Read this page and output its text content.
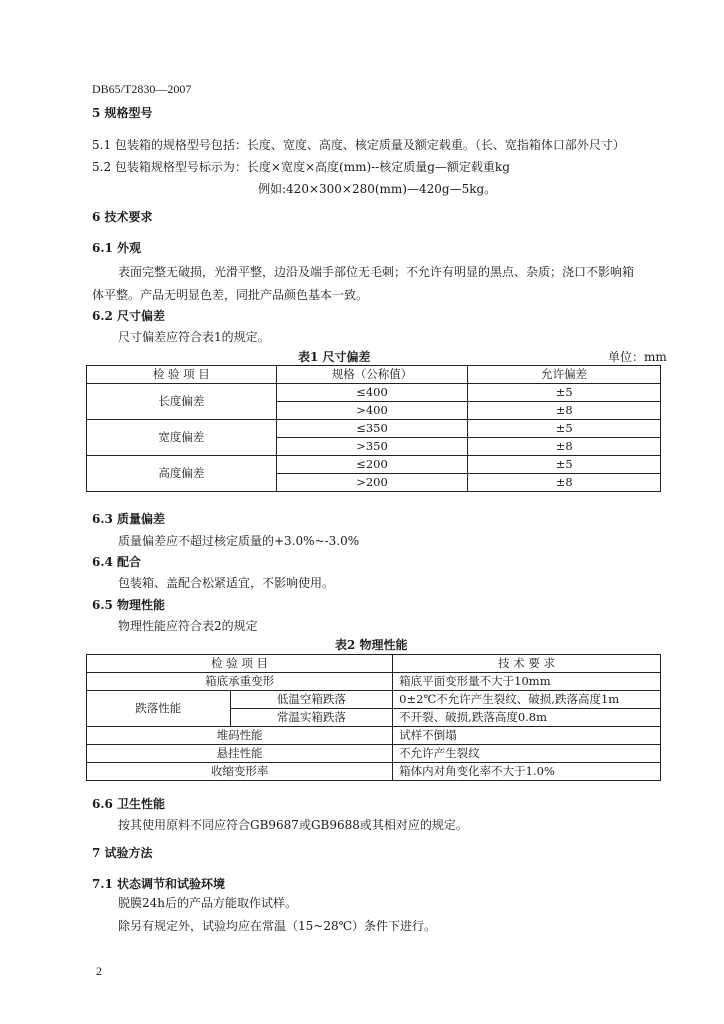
DB65/T2830—2007
5 规格型号
5.1 包装箱的规格型号包括：长度、宽度、高度、核定质量及额定载重。（长、宽指箱体口部外尺寸）
5.2 包装箱规格型号标示为：长度×宽度×高度(mm)--核定质量g—额定载重kg
例如:420×300×280(mm)—420g—5kg。
6 技术要求
6.1 外观
表面完整无破损，光滑平整，边沿及端手部位无毛刺；不允许有明显的黑点、杂质；浇口不影响箱
体平整。产品无明显色差，同批产品颜色基本一致。
6.2 尺寸偏差
尺寸偏差应符合表1的规定。
表1 尺寸偏差	单位：mm
检 验 项 目	规格（公称值）	允许偏差
长度偏差	≤400	±5
	>400	±8
宽度偏差	≤350	±5
	>350	±8
高度偏差	≤200	±5
	>200	±8
6.3 质量偏差
质量偏差应不超过核定质量的+3.0%~-3.0%
6.4 配合
包装箱、盖配合松紧适宜，不影响使用。
6.5 物理性能
物理性能应符合表2的规定
表2 物理性能
检 验 项 目		技 术 要 求
箱底承重变形		箱底平面变形量不大于10mm
跌落性能	低温空箱跌落	0±2℃不允许产生裂纹、破损,跌落高度1m
	常温实箱跌落	不开裂、破损,跌落高度0.8m
堆码性能		试样不倒塌
悬挂性能		不允许产生裂纹
收缩变形率		箱体内对角变化率不大于1.0%
6.6 卫生性能
按其使用原料不同应符合GB9687或GB9688或其相对应的规定。
7 试验方法
7.1 状态调节和试验环境
脱膜24h后的产品方能取作试样。
除另有规定外，试验均应在常温（15~28℃）条件下进行。
2
